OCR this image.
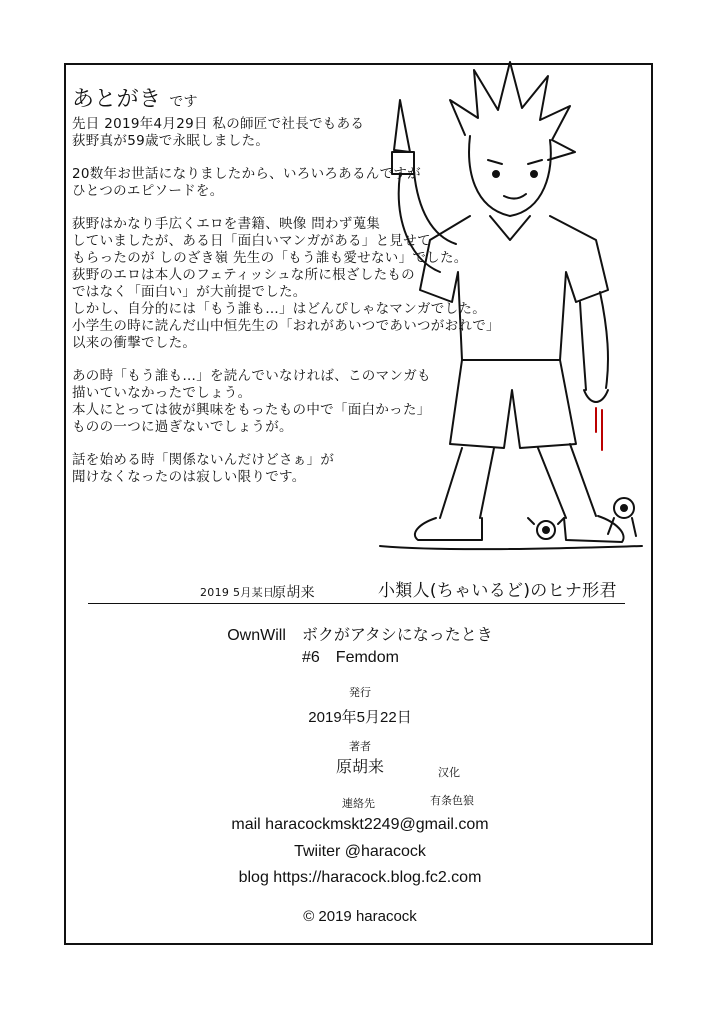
あとがき です
先日 2019年4月29日 私の師匠で社長でもある
荻野真が59歳で永眠しました。
20数年お世話になりましたから、いろいろあるんですが
ひとつのエピソードを。
荻野はかなり手広くエロを書籍、映像 問わず蒐集
していましたが、ある日「面白いマンガがある」と見せて
もらったのが しのざき嶺 先生の「もう誰も愛せない」でした。
荻野のエロは本人のフェティッシュな所に根ざしたもの
ではなく「面白い」が大前提でした。
しかし、自分的には「もう誰も…」はどんぴしゃなマンガでした。
小学生の時に読んだ山中恒先生の「おれがあいつであいつがおれで」
以来の衝撃でした。
あの時「もう誰も…」を読んでいなければ、このマンガも
描いていなかったでしょう。
本人にとっては彼が興味をもったもの中で「面白かった」
ものの一つに過ぎないでしょうが。
話を始める時「関係ないんだけどさぁ」が
聞けなくなったのは寂しい限りです。
2019 5月某日
原胡来	小類人(ちゃいるど)のヒナ形君
OwnWill　ボクがアタシになったとき
#6　Femdom
発行
2019年5月22日
著者
原胡来	汉化
有条色狼
連絡先
mail haracockmskt2249@gmail.com
Twiiter @haracock
blog https://haracock.blog.fc2.com
© 2019 haracock
